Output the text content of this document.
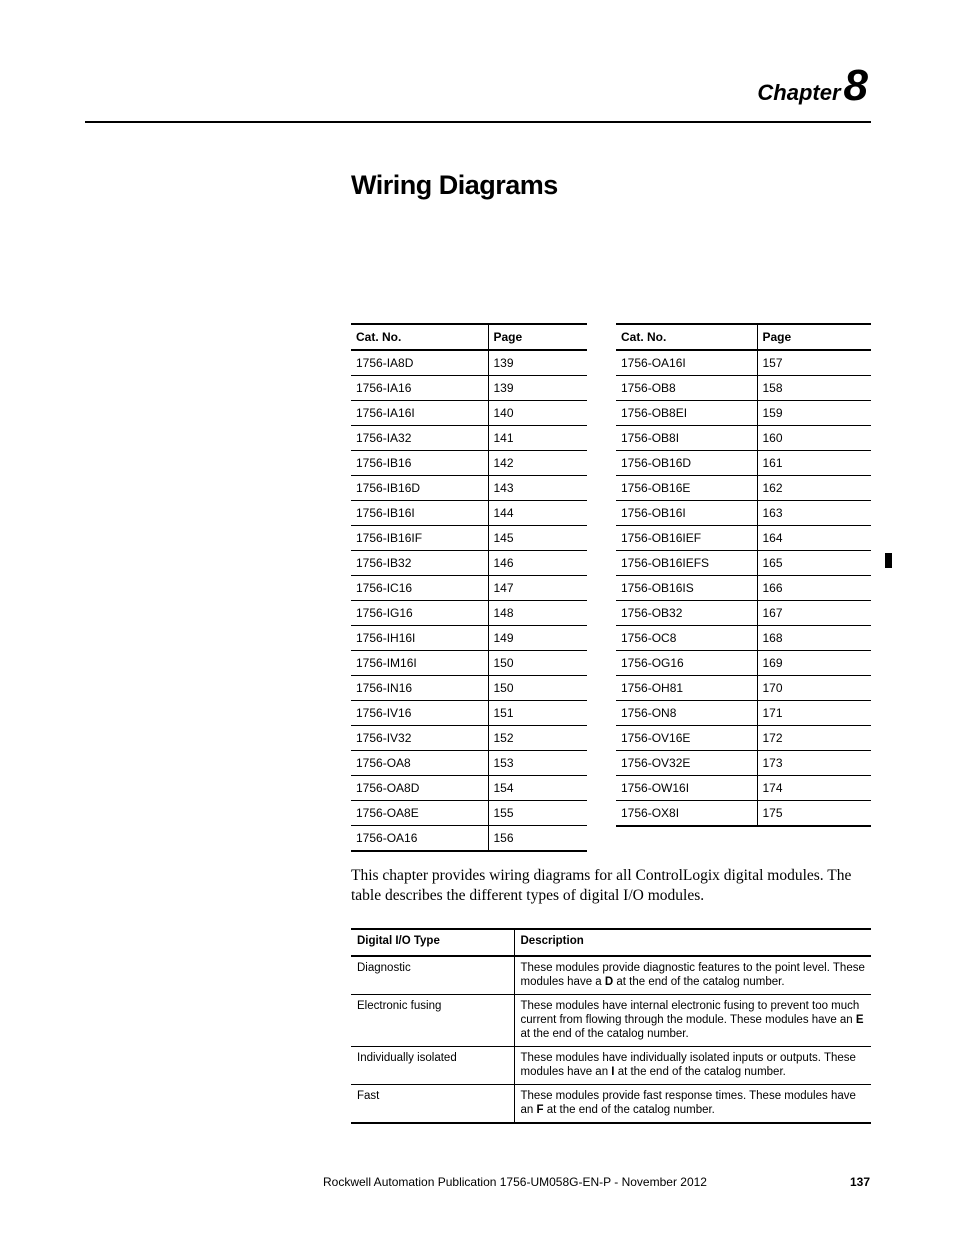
Chapter8
Wiring Diagrams
Cat. No.	Page
1756-IA8D	139
1756-IA16	139
1756-IA16I	140
1756-IA32	141
1756-IB16	142
1756-IB16D	143
1756-IB16I	144
1756-IB16IF	145
1756-IB32	146
1756-IC16	147
1756-IG16	148
1756-IH16I	149
1756-IM16I	150
1756-IN16	150
1756-IV16	151
1756-IV32	152
1756-OA8	153
1756-OA8D	154
1756-OA8E	155
1756-OA16	156
Cat. No.	Page
1756-OA16I	157
1756-OB8	158
1756-OB8EI	159
1756-OB8I	160
1756-OB16D	161
1756-OB16E	162
1756-OB16I	163
1756-OB16IEF	164
1756-OB16IEFS	165
1756-OB16IS	166
1756-OB32	167
1756-OC8	168
1756-OG16	169
1756-OH81	170
1756-ON8	171
1756-OV16E	172
1756-OV32E	173
1756-OW16I	174
1756-OX8I	175

This chapter provides wiring diagrams for all ControlLogix digital modules. The table describes the different types of digital I/O modules.

Digital I/O Type	Description
Diagnostic	These modules provide diagnostic features to the point level. These modules have a D at the end of the catalog number.
Electronic fusing	These modules have internal electronic fusing to prevent too much current from flowing through the module. These modules have an E at the end of the catalog number.
Individually isolated	These modules have individually isolated inputs or outputs. These modules have an I at the end of the catalog number.
Fast	These modules provide fast response times. These modules have an F at the end of the catalog number.
Rockwell Automation Publication 1756-UM058G-EN-P - November 2012	137
